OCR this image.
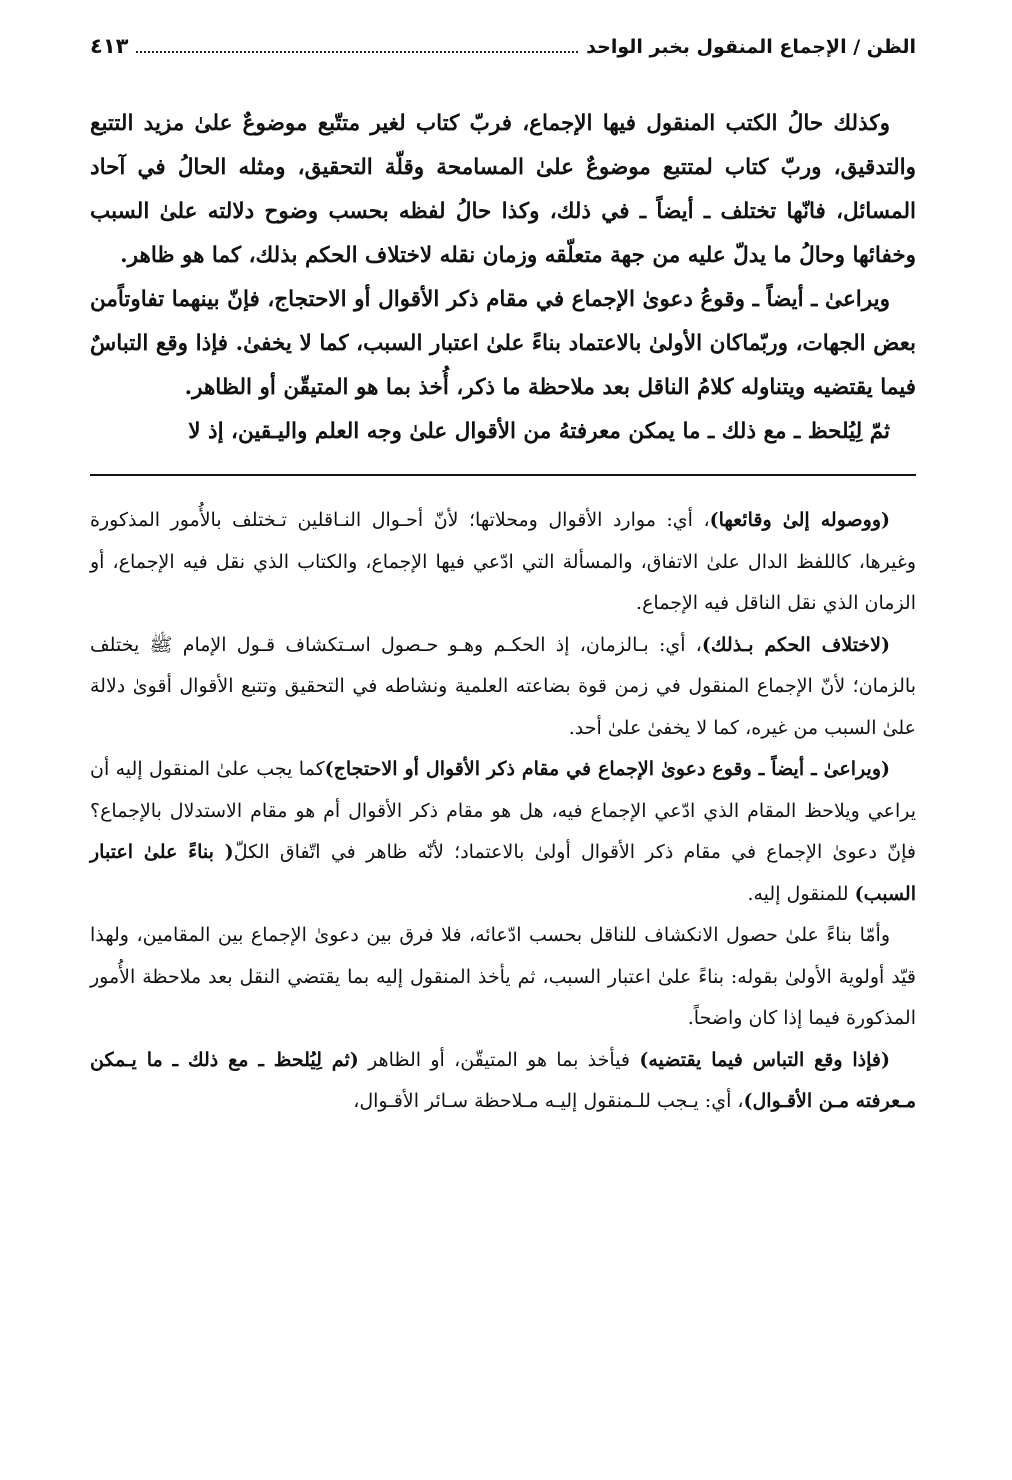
الظن / الإجماع المنقول بخبر الواحد
٤١٣

وكذلك حالُ الكتب المنقول فيها الإجماع، فربّ كتاب لغير متتّبع موضوعٌ علىٰ مزيد التتبع والتدقيق، وربّ كتاب لمتتبع موضوعٌ علىٰ المسامحة وقلّة التحقيق، ومثله الحالُ في آحاد المسائل، فانّها تختلف ـ أيضاً ـ في ذلك، وكذا حالُ لفظه بحسب وضوح دلالته علىٰ السبب وخفائها وحالُ ما يدلّ عليه من جهة متعلّقه وزمان نقله لاختلاف الحكم بذلك، كما هو ظاهر.

ويراعىٰ ـ أيضاً ـ وقوعُ دعوىٰ الإجماع في مقام ذكر الأقوال أو الاحتجاج، فإنّ بينهما تفاوتاًمن بعض الجهات، وربّماكان الأولىٰ بالاعتماد بناءً علىٰ اعتبار السبب، كما لا يخفىٰ. فإذا وقع التباسٌ فيما يقتضيه ويتناوله كلامُ الناقل بعد ملاحظة ما ذكر، أُخذ بما هو المتيقّن أو الظاهر.

ثمّ لِيُلحظ ـ مع ذلك ـ ما يمكن معرفتهُ من الأقوال علىٰ وجه العلم واليـقين، إذ لا

(ووصوله إلىٰ وقائعها)، أي: موارد الأقوال ومحلاتها؛ لأنّ أحـوال النـاقلين تـختلف بالأُمور المذكورة وغيرها، كاللفظ الدال علىٰ الاتفاق، والمسألة التي ادّعي فيها الإجماع، والكتاب الذي نقل فيه الإجماع، أو الزمان الذي نقل الناقل فيه الإجماع.

(لاختلاف الحكم بـذلك)، أي: بـالزمان، إذ الحكـم وهـو حـصول اسـتكشاف قـول الإمام ﷺ يختلف بالزمان؛ لأنّ الإجماع المنقول في زمن قوة بضاعته العلمية ونشاطه في التحقيق وتتبع الأقوال أقوىٰ دلالة علىٰ السبب من غيره، كما لا يخفىٰ علىٰ أحد.

(ويراعىٰ ـ أيضاً ـ وقوع دعوىٰ الإجماع في مقام ذكر الأقوال أو الاحتجاج)كما يجب علىٰ المنقول إليه أن يراعي ويلاحظ المقام الذي ادّعي الإجماع فيه، هل هو مقام ذكر الأقوال أم هو مقام الاستدلال بالإجماع؟ فإنّ دعوىٰ الإجماع في مقام ذكر الأقوال أولىٰ بالاعتماد؛ لأنّه ظاهر في اتّفاق الكلّ( بناءً علىٰ اعتبار السبب) للمنقول إليه.

وأمّا بناءً علىٰ حصول الانكشاف للناقل بحسب ادّعائه، فلا فرق بين دعوىٰ الإجماع بين المقامين، ولهذا قيّد أولوية الأولىٰ بقوله: بناءً علىٰ اعتبار السبب، ثم يأخذ المنقول إليه بما يقتضي النقل بعد ملاحظة الأُمور المذكورة فيما إذا كان واضحاً.

(فإذا وقع التباس فيما يقتضيه) فيأخذ بما هو المتيقّن، أو الظاهر (ثم لِيُلحظ ـ مع ذلك ـ ما يـمكن مـعرفته مـن الأقـوال)، أي: يـجب للـمنقول إليـه مـلاحظة سـائر الأقـوال،
